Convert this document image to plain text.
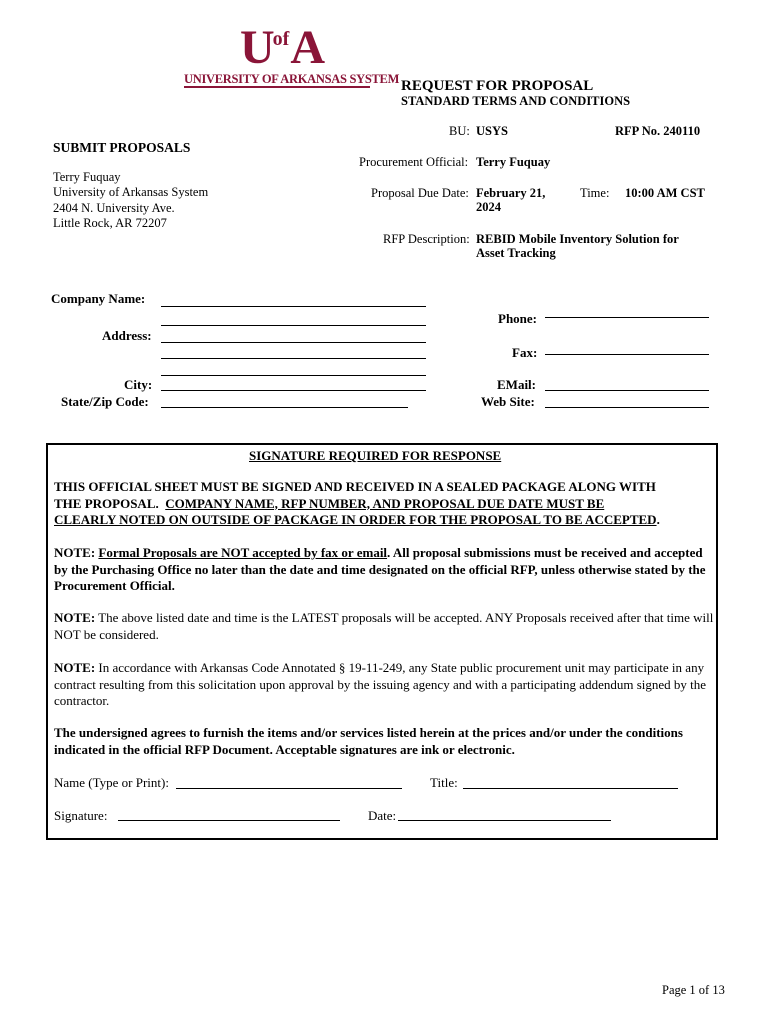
$U^{of}A$
UNIVERSITY OF ARKANSAS SYSTEM REQUEST FOR PROPOSAL
STANDARD TERMS AND CONDITIONS
BU: USYS	RFP No. 240110
Procurement Official: Terry Fuquay
Proposal Due Date: February 21,
2024
Time: 10:00 AM CST
RFP Description: REBID Mobile Inventory Solution for
Asset Tracking
SUBMIT PROPOSALS
Terry Fuquay
University of Arkansas System
2404 N. University Ave.
Little Rock, AR 72207
Company Name:
Address:
City:
State/Zip Code:
Phone:
Fax:
EMail:
Web Site:
SIGNATURE REQUIRED FOR RESPONSE
THIS OFFICIAL SHEET MUST BE SIGNED AND RECEIVED IN A SEALED PACKAGE ALONG WITH
THE PROPOSAL. COMPANY NAME, RFP NUMBER, AND PROPOSAL DUE DATE MUST BE
CLEARLY NOTED ON OUTSIDE OF PACKAGE IN ORDER FOR THE PROPOSAL TO BE ACCEPTED.
NOTE: Formal Proposals are NOT accepted by fax or email. All proposal submissions must be received and accepted by the Purchasing Office no later than the date and time designated on the official RFP, unless otherwise stated by the Procurement Official.
NOTE: The above listed date and time is the LATEST proposals will be accepted. ANY Proposals received after that time will NOT be considered.
NOTE: In accordance with Arkansas Code Annotated § 19-11-249, any State public procurement unit may participate in any contract resulting from this solicitation upon approval by the issuing agency and with a participating addendum signed by the contractor.
The undersigned agrees to furnish the items and/or services listed herein at the prices and/or under the conditions indicated in the official RFP Document. Acceptable signatures are ink or electronic.
Name (Type or Print):	Title:
Signature:	Date:
Page 1 of 13
